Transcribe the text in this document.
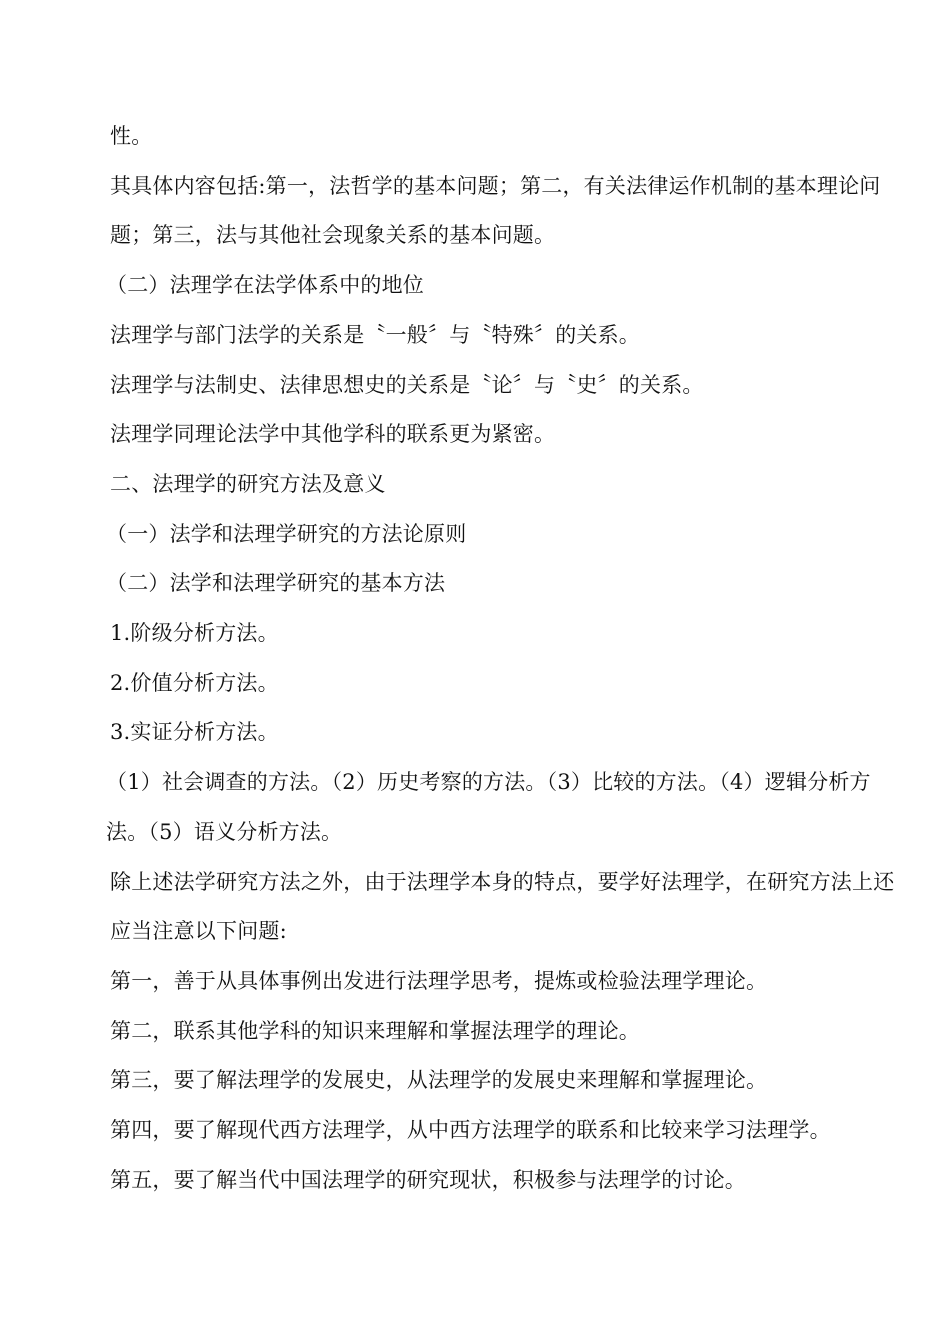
性。

其具体内容包括:第一，法哲学的基本问题；第二，有关法律运作机制的基本理论问题；第三，法与其他社会现象关系的基本问题。

（二）法理学在法学体系中的地位

法理学与部门法学的关系是〝一般〞与〝特殊〞的关系。

法理学与法制史、法律思想史的关系是〝论〞与〝史〞的关系。

法理学同理论法学中其他学科的联系更为紧密。

二、法理学的研究方法及意义

（一）法学和法理学研究的方法论原则

（二）法学和法理学研究的基本方法

1.阶级分析方法。

2.价值分析方法。

3.实证分析方法。

（1）社会调查的方法。（2）历史考察的方法。（3）比较的方法。（4）逻辑分析方法。（5）语义分析方法。

除上述法学研究方法之外，由于法理学本身的特点，要学好法理学，在研究方法上还应当注意以下问题:

第一，善于从具体事例出发进行法理学思考，提炼或检验法理学理论。

第二，联系其他学科的知识来理解和掌握法理学的理论。

第三，要了解法理学的发展史，从法理学的发展史来理解和掌握理论。

第四，要了解现代西方法理学，从中西方法理学的联系和比较来学习法理学。

第五，要了解当代中国法理学的研究现状，积极参与法理学的讨论。
